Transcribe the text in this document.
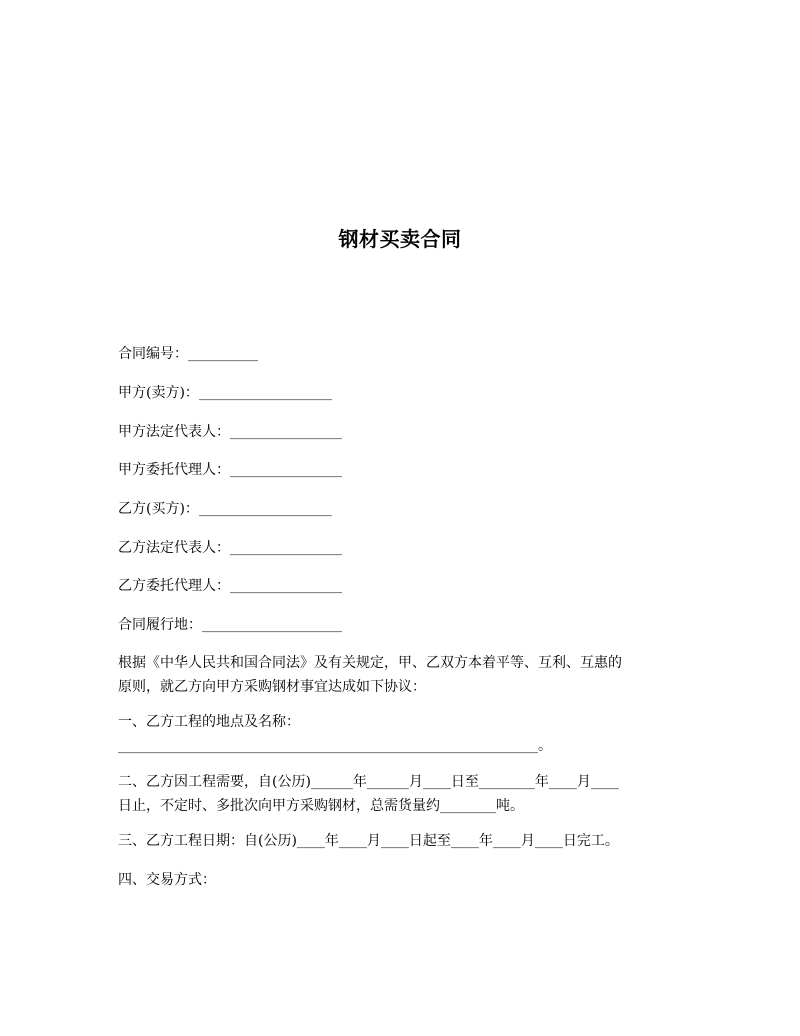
钢材买卖合同
合同编号：__________
甲方(卖方)：___________________
甲方法定代表人：________________
甲方委托代理人：________________
乙方(买方)：___________________
乙方法定代表人：________________
乙方委托代理人：________________
合同履行地：____________________
根据《中华人民共和国合同法》及有关规定，甲、乙双方本着平等、互利、互惠的
原则，就乙方向甲方采购钢材事宜达成如下协议：
一、乙方工程的地点及名称：
____________________________________________________________。
二、乙方因工程需要，自(公历)______年______月____日至________年____月____
日止，不定时、多批次向甲方采购钢材，总需货量约________吨。
三、乙方工程日期：自(公历)____年____月____日起至____年____月____日完工。
四、交易方式：
